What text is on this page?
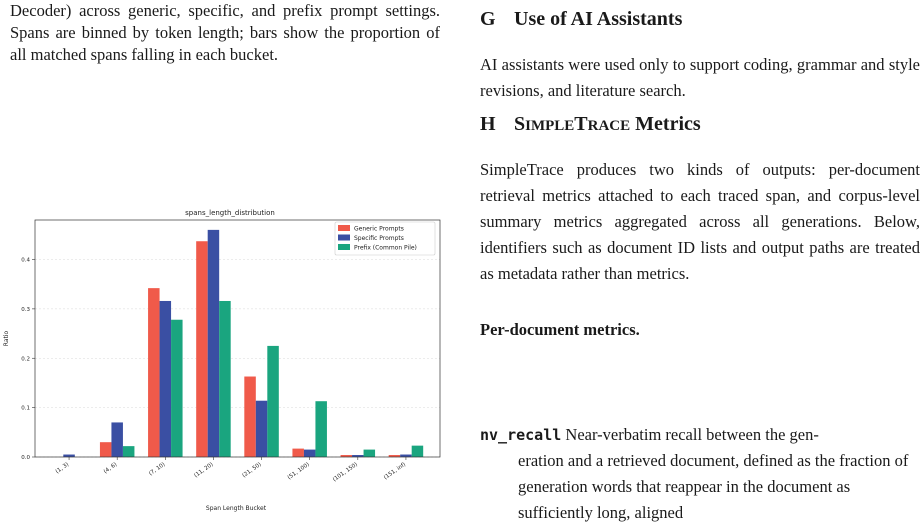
Decoder) across generic, specific, and prefix prompt settings. Spans are binned by token length; bars show the proportion of all matched spans falling in each bucket.

spans_length_distribution
Ratio
Span Length Bucket
0.0
0.1
0.2
0.3
0.4
(1, 3)	(4, 6)	(7, 10)	(11, 20)	(21, 50)	(51, 100)	(101, 150)	(151, inf)
Generic Prompts
Specific Prompts
Prefix (Common Pile)
G Use of AI Assistants

AI assistants were used only to support coding, grammar and style revisions, and literature search.

H SIMPLETRACE Metrics

SimpleTrace produces two kinds of outputs: per-document retrieval metrics attached to each traced span, and corpus-level summary metrics aggregated across all generations. Below, identifiers such as document ID lists and output paths are treated as metadata rather than metrics.

Per-document metrics.

nv_recall Near-verbatim recall between the gen-
eration and a retrieved document, defined as the fraction of generation words that reappear in the document as sufficiently long, aligned
